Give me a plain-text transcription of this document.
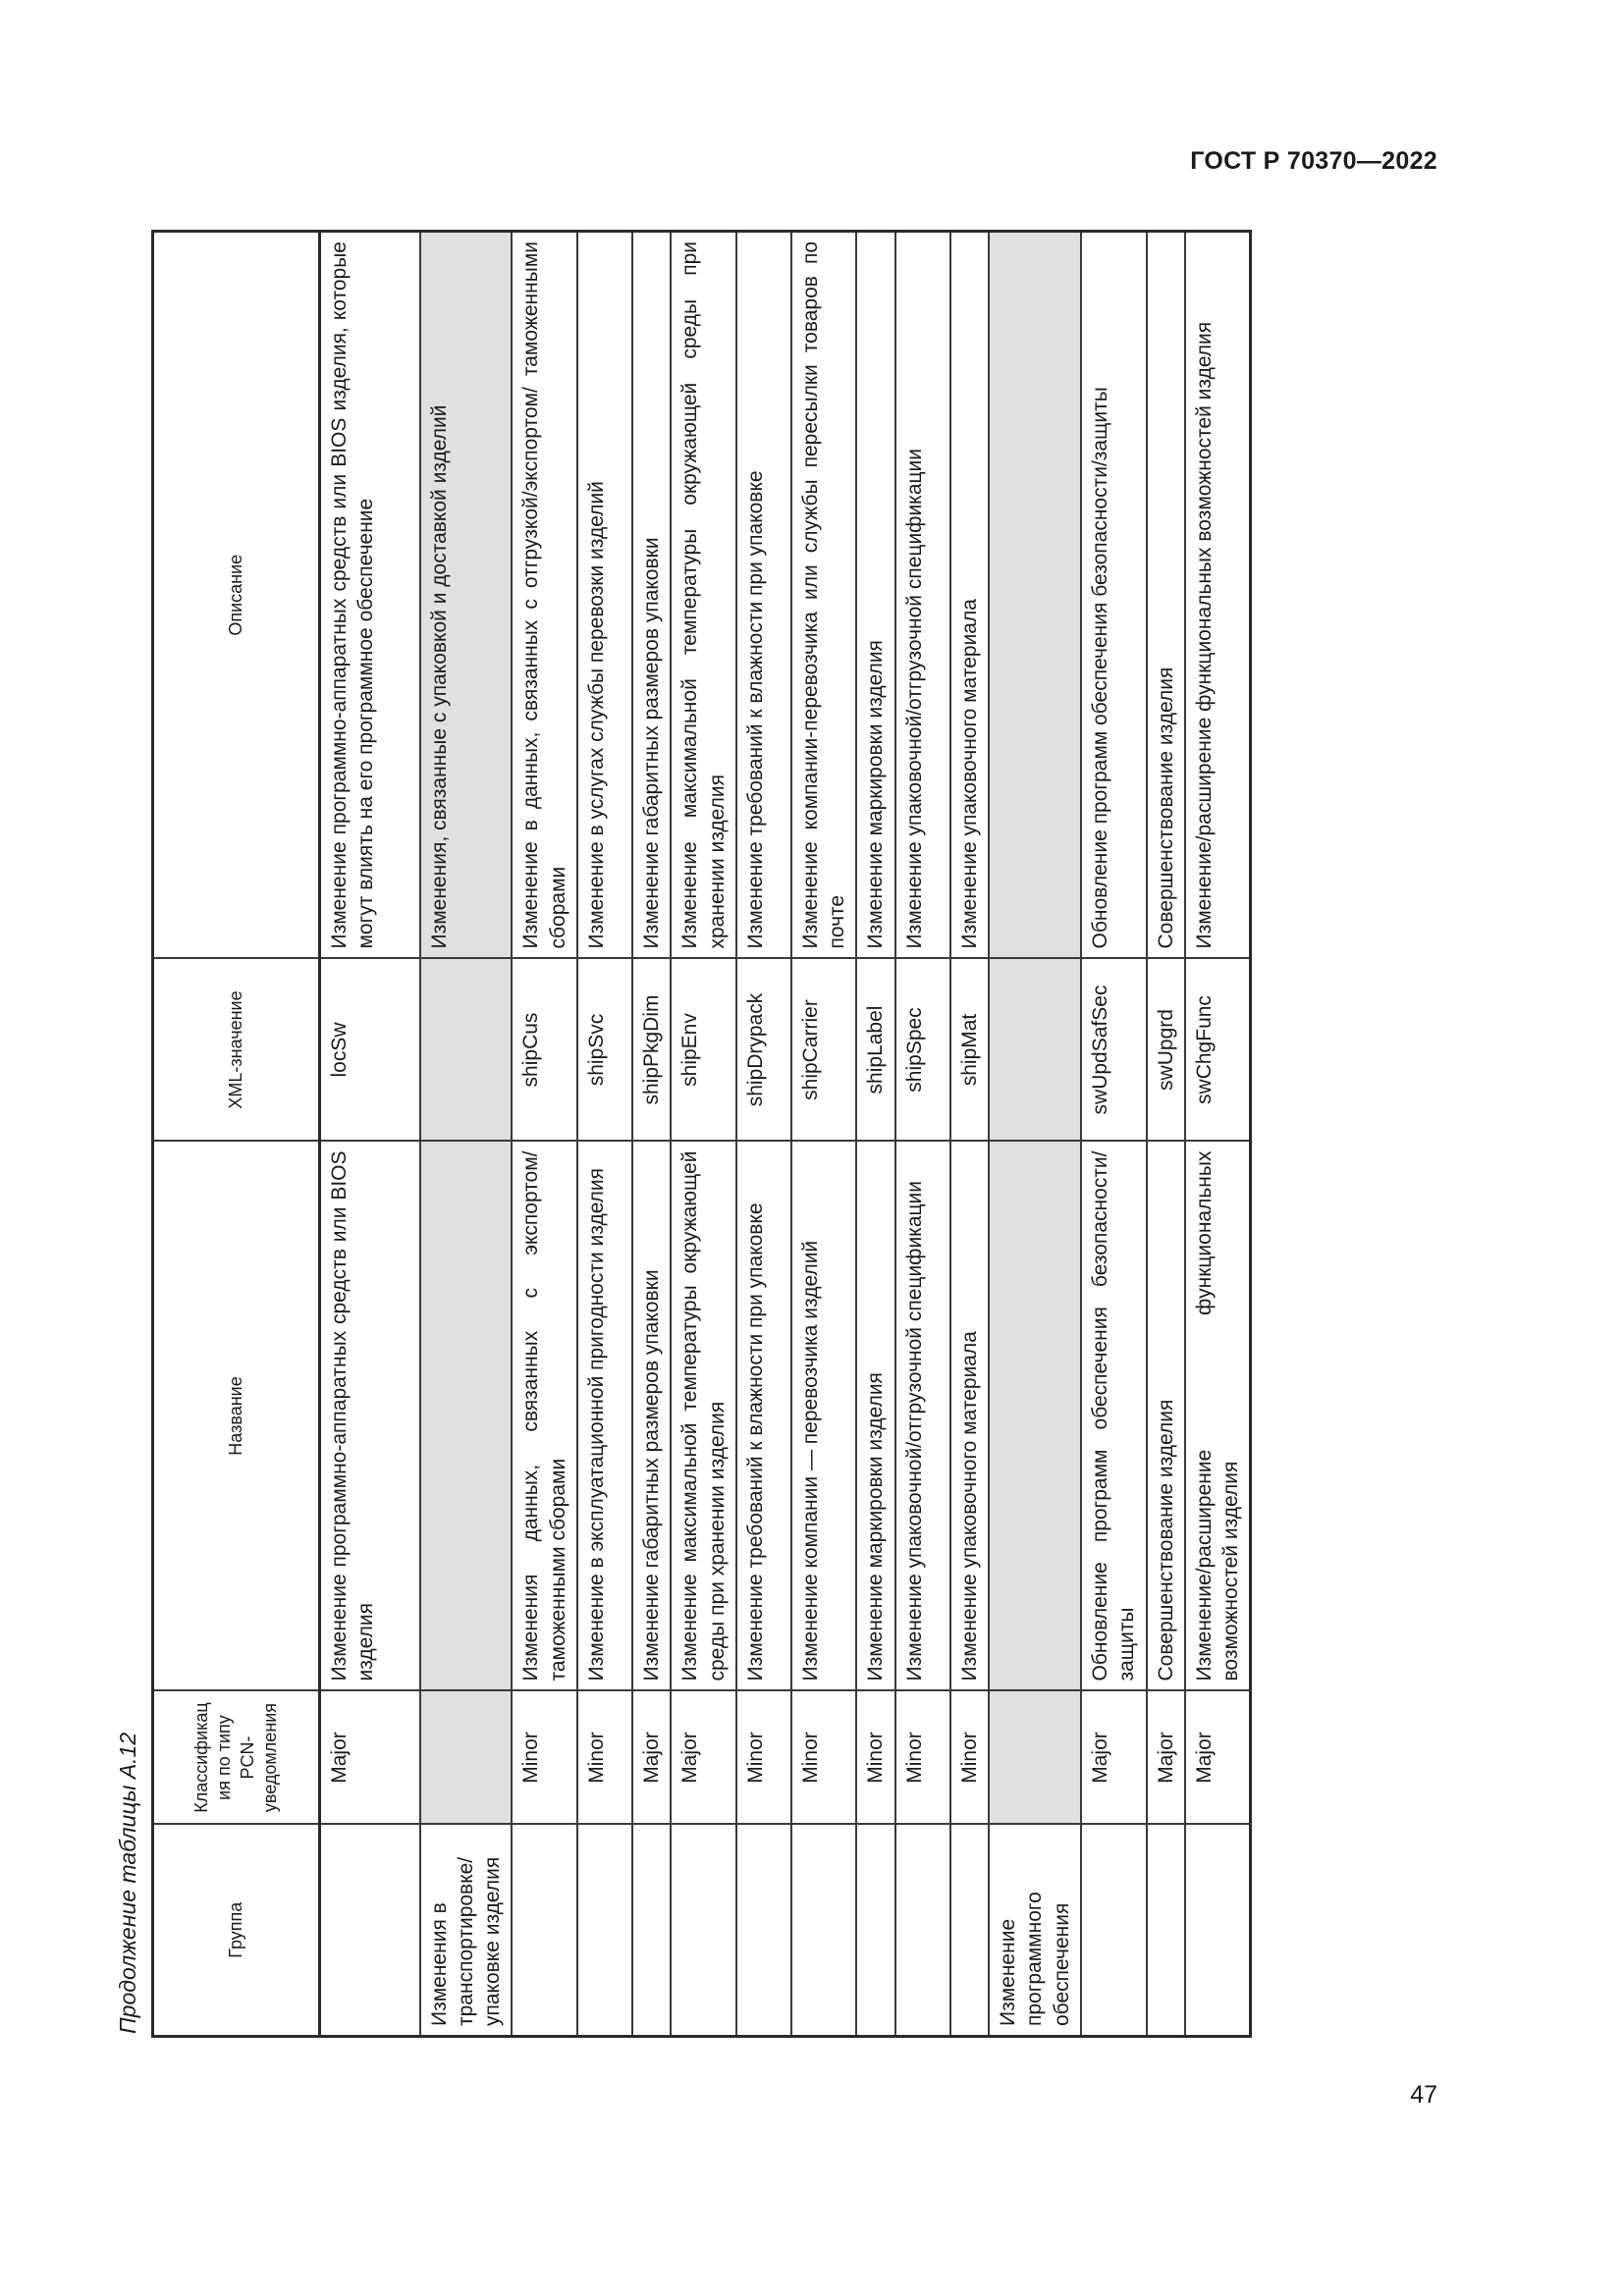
ГОСТ Р 70370—2022
Продолжение таблицы А.12	Группа	Классификация по типу PCN-уведомления	Название	XML-значение	Описание
	Major	Изменение программно-аппаратных средств или BIOS изделия	locSw	Изменение программно-аппаратных средств или BIOS изделия, которые могут влиять на его программное обеспечение
Изменения в транспортировке/ упаковке изделия				Изменения, связанные с упаковкой и доставкой изделий
	Minor	Изменения данных, связанных с экспортом/таможенными сборами	shipCus	Изменение в данных, связанных с отгрузкой/экспортом/ таможенными сборами
	Minor	Изменение в эксплуатационной пригодности изделия	shipSvc	Изменение в услугах службы перевозки изделий
	Major	Изменение габаритных размеров упаковки	shipPkgDim	Изменение габаритных размеров упаковки
	Major	Изменение максимальной температуры окружающей среды при хранении изделия	shipEnv	Изменение максимальной температуры окружающей среды при хранении изделия
	Minor	Изменение требований к влажности при упаковке	shipDrypack	Изменение требований к влажности при упаковке
	Minor	Изменение компании — перевозчика изделий	shipCarrier	Изменение компании-перевозчика или службы пересылки товаров по почте
	Minor	Изменение маркировки изделия	shipLabel	Изменение маркировки изделия
	Minor	Изменение упаковочной/отгрузочной спецификации	shipSpec	Изменение упаковочной/отгрузочной спецификации
	Minor	Изменение упаковочного материала	shipMat	Изменение упаковочного материала
Изменение программного обеспечения				
	Major	Обновление программ обеспечения безопасности/защиты	swUpdSafSec	Обновление программ обеспечения безопасности/защиты
	Major	Совершенствование изделия	swUpgrd	Совершенствование изделия
	Major	Изменение/расширение функциональных возможностей изделия	swChgFunc	Изменение/расширение функциональных возможностей изделия
47
